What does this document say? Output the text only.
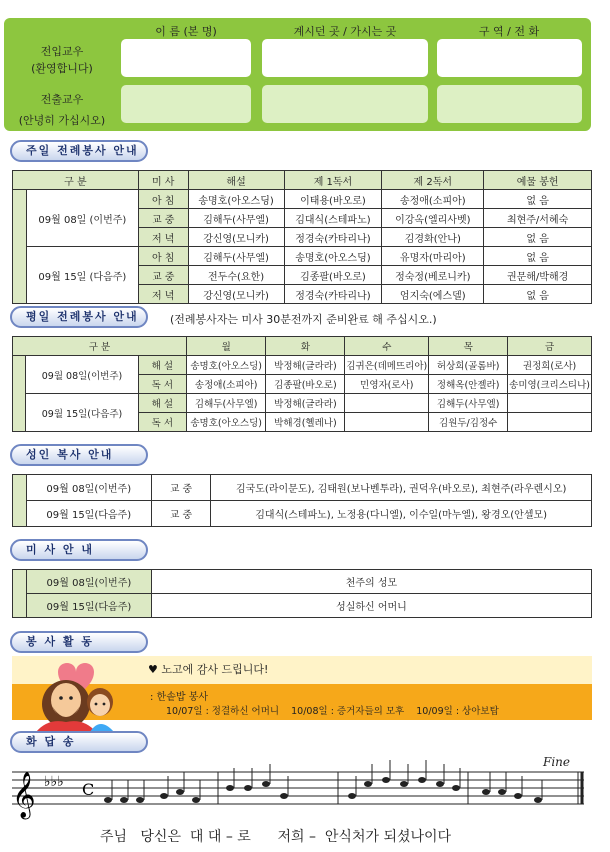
이 름 (본 명)	계시던 곳 / 가시는 곳	구 역 / 전 화
전입교우
(환영합니다)
전출교우
(안녕히 가십시오)
주일 전례봉사 안내
구 분		미 사	해설	제 1독서	제 2독서	예물 봉헌
	09월 08일 (이번주)	아 침	송명호(아오스딩)	이태용(바오로)	송정애(소피아)	없 음
		교 중	김해두(사무엘)	김대식(스테파노)	이강옥(엘리사벳)	최현주/서혜숙
		저 녁	강신영(모니카)	정경숙(카타리나)	김경화(안나)	없 음
	09월 15일 (다음주)	아 침	김해두(사무엘)	송명호(아오스딩)	유명자(마리아)	없 음
		교 중	전두수(요한)	김종팔(바오로)	정숙정(베로니카)	권문해/박해경
		저 녁	강신영(모니카)	정경숙(카타리나)	엄지숙(에스델)	없 음
평일 전례봉사 안내	(전례봉사자는 미사 30분전까지 준비완료 해 주십시오.)
구 분			월	화	수	목	금
	09월 08일(이번주)	해 설	송명호(아오스딩)	박정해(글라라)	김귀은(데메뜨리아)	허상희(골롬바)	권정희(로사)
		독 서	송정애(소피아)	김종팔(바오로)	민영자(로사)	정해옥(안젤라)	송미영(크리스티나)
	09월 15일(다음주)	해 설	김해두(사무엘)	박정해(글라라)		김해두(사무엘)	
		독 서	송명호(아오스딩)	박해경(헬레나)		김원두/김정수	
성인 복사 안내
	09월 08일(이번주)	교 중	김국도(라이문도), 김태원(보나벤투라), 권덕우(바오로), 최현주(라우렌시오)
	09월 15일(다음주)	교 중	김대식(스테파노), 노정용(다니엘), 이수일(마누엘), 왕경오(안셀모)
미 사 안 내
	09월 08일(이번주)	천주의 성모
	09월 15일(다음주)	성실하신 어머니
봉 사 활 동
♥ 노고에 감사 드립니다!
: 한솥밥 봉사
10/07일 : 정결하신 어머니    10/08일 : 증거자들의 모후    10/09일 : 상아보탑
화 답 송
Fine
𝄞 ♭♭♭ C
주님   당신은  대 대 – 로      저희 –  안식처가 되셨나이다
